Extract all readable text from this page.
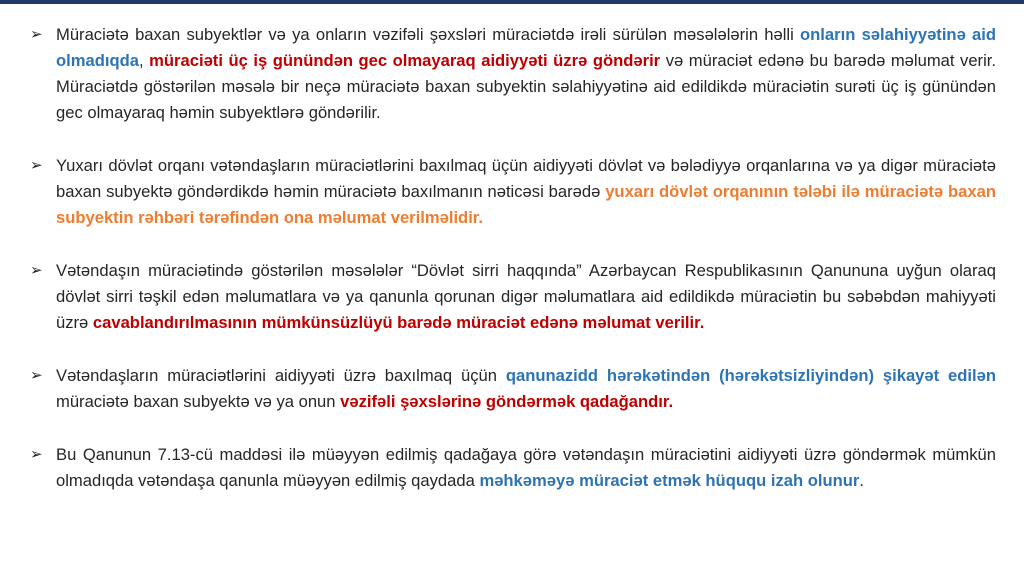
➢ Müraciətə baxan subyektlər və ya onların vəzifəli şəxsləri müraciətdə irəli sürülən məsələlərin həlli onların səlahiyyətinə aid olmadıqda, müraciəti üç iş günündən gec olmayaraq aidiyyəti üzrə göndərir və müraciət edənə bu barədə məlumat verir. Müraciətdə göstərilən məsələ bir neçə müraciətə baxan subyektin səlahiyyətinə aid edildikdə müraciətin surəti üç iş günündən gec olmayaraq həmin subyektlərə göndərilir.
➢ Yuxarı dövlət orqanı vətəndaşların müraciətlərini baxılmaq üçün aidiyyəti dövlət və bələdiyyə orqanlarına və ya digər müraciətə baxan subyektə göndərdikdə həmin müraciətə baxılmanın nəticəsi barədə yuxarı dövlət orqanının tələbi ilə müraciətə baxan subyektin rəhbəri tərəfindən ona məlumat verilməlidir.
➢ Vətəndaşın müraciətində göstərilən məsələlər “Dövlət sirri haqqında” Azərbaycan Respublikasının Qanununa uyğun olaraq dövlət sirri təşkil edən məlumatlara və ya qanunla qorunan digər məlumatlara aid edildikdə müraciətin bu səbəbdən mahiyyəti üzrə cavablandırılmasının mümkünsüzlüyü barədə müraciət edənə məlumat verilir.
➢ Vətəndaşların müraciətlərini aidiyyəti üzrə baxılmaq üçün qanunazidd hərəkətindən (hərəkətsizliyindən) şikayət edilən müraciətə baxan subyektə və ya onun vəzifəli şəxslərinə göndərmək qadağandır.
➢ Bu Qanunun 7.13-cü maddəsi ilə müəyyən edilmiş qadağaya görə vətəndaşın müraciətini aidiyyəti üzrə göndərmək mümkün olmadıqda vətəndaşa qanunla müəyyən edilmiş qaydada məhkəməyə müraciət etmək hüququ izah olunur.
